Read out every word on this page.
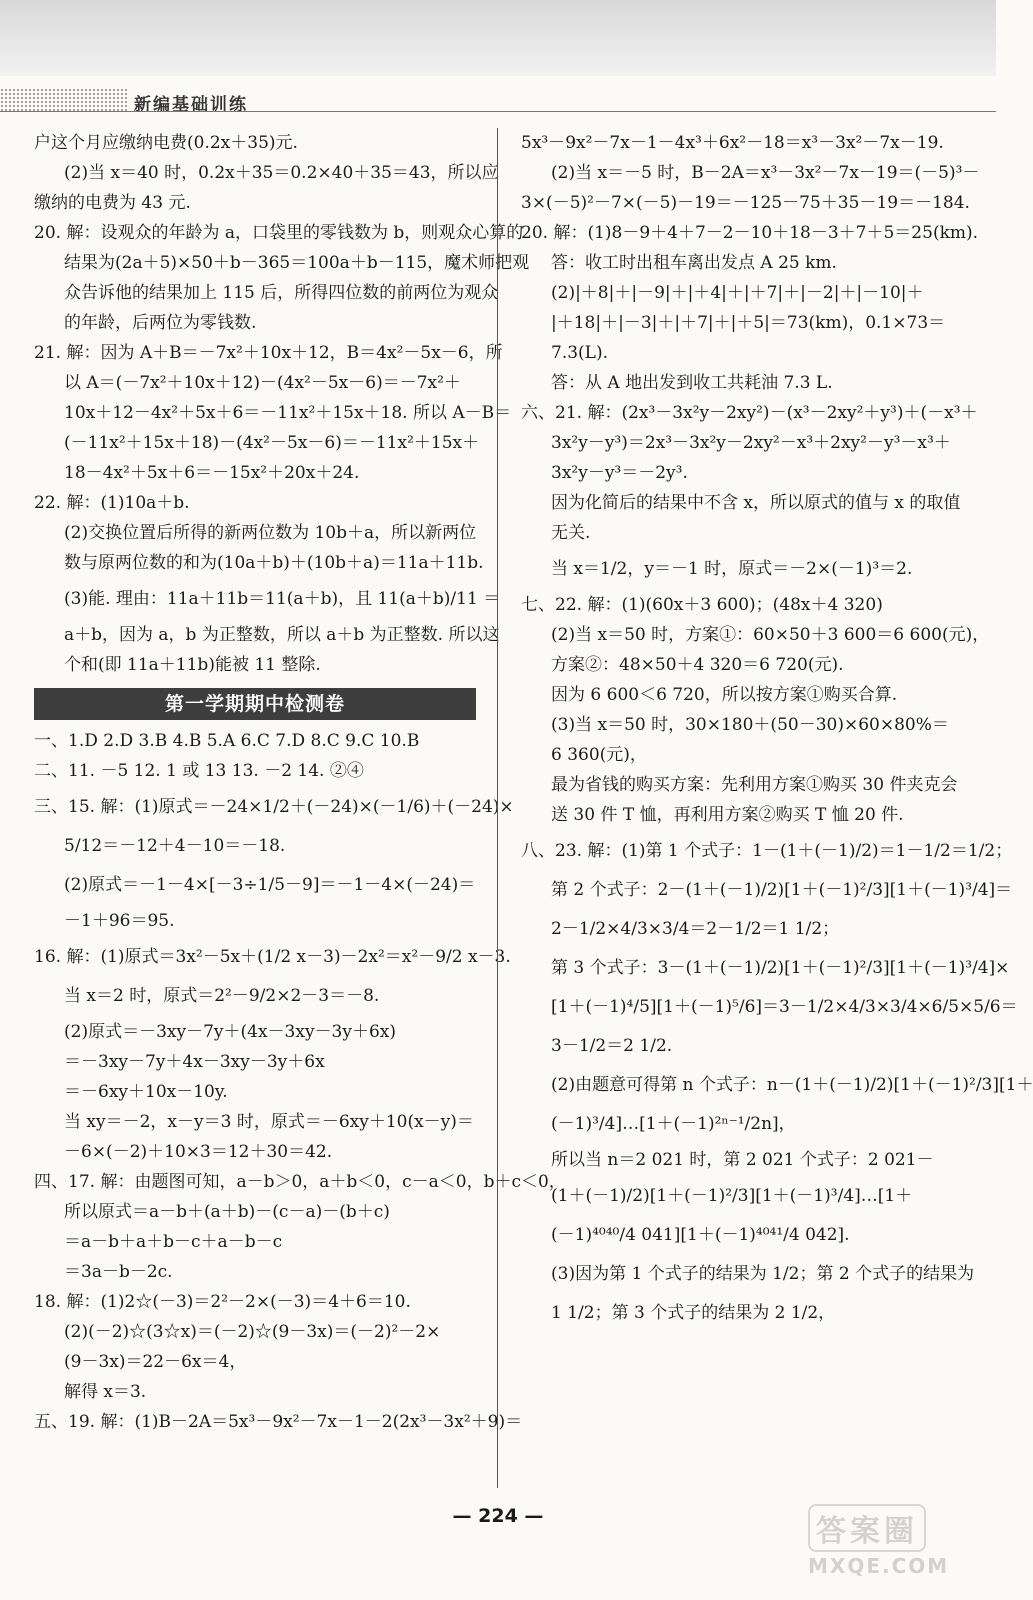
新编基础训练
户这个月应缴纳电费(0.2x＋35)元.
(2)当 x＝40 时，0.2x＋35＝0.2×40＋35＝43，所以应
缴纳的电费为 43 元.
20. 解：设观众的年龄为 a，口袋里的零钱数为 b，则观众心算的
结果为(2a＋5)×50＋b－365＝100a＋b－115，魔术师把观
众告诉他的结果加上 115 后，所得四位数的前两位为观众
的年龄，后两位为零钱数.
21. 解：因为 A＋B＝－7x²＋10x＋12，B＝4x²－5x－6，所
以 A＝(－7x²＋10x＋12)－(4x²－5x－6)＝－7x²＋
10x＋12－4x²＋5x＋6＝－11x²＋15x＋18. 所以 A－B＝
(－11x²＋15x＋18)－(4x²－5x－6)＝－11x²＋15x＋
18－4x²＋5x＋6＝－15x²＋20x＋24.
22. 解：(1)10a＋b.
(2)交换位置后所得的新两位数为 10b＋a，所以新两位
数与原两位数的和为(10a＋b)＋(10b＋a)＝11a＋11b.
(3)能. 理由：11a＋11b＝11(a＋b)，且 11(a＋b)/11 ＝
a＋b，因为 a，b 为正整数，所以 a＋b 为正整数. 所以这
个和(即 11a＋11b)能被 11 整除.
第一学期期中检测卷
一、1.D 2.D 3.B 4.B 5.A 6.C 7.D 8.C 9.C 10.B
二、11. －5 12. 1 或 13 13. －2 14. ②④
三、15. 解：(1)原式＝－24×1/2＋(－24)×(－1/6)＋(－24)×
5/12＝－12＋4－10＝－18.
(2)原式＝－1－4×[－3÷1/5－9]＝－1－4×(－24)＝
－1＋96＝95.
16. 解：(1)原式＝3x²－5x＋(1/2 x－3)－2x²＝x²－9/2 x－3.
当 x＝2 时，原式＝2²－9/2×2－3＝－8.
(2)原式＝－3xy－7y＋(4x－3xy－3y＋6x)
＝－3xy－7y＋4x－3xy－3y＋6x
＝－6xy＋10x－10y.
当 xy＝－2，x－y＝3 时，原式＝－6xy＋10(x－y)＝
－6×(－2)＋10×3＝12＋30＝42.
四、17. 解：由题图可知，a－b＞0，a＋b＜0，c－a＜0，b＋c＜0，
所以原式＝a－b＋(a＋b)－(c－a)－(b＋c)
＝a－b＋a＋b－c＋a－b－c
＝3a－b－2c.
18. 解：(1)2☆(－3)＝2²－2×(－3)＝4＋6＝10.
(2)(－2)☆(3☆x)＝(－2)☆(9－3x)＝(－2)²－2×
(9－3x)＝22－6x＝4，
解得 x＝3.
五、19. 解：(1)B－2A＝5x³－9x²－7x－1－2(2x³－3x²＋9)＝
5x³－9x²－7x－1－4x³＋6x²－18＝x³－3x²－7x－19.
(2)当 x＝－5 时，B－2A＝x³－3x²－7x－19＝(－5)³－
3×(－5)²－7×(－5)－19＝－125－75＋35－19＝－184.
20. 解：(1)8－9＋4＋7－2－10＋18－3＋7＋5＝25(km).
答：收工时出租车离出发点 A 25 km.
(2)|＋8|＋|－9|＋|＋4|＋|＋7|＋|－2|＋|－10|＋
|＋18|＋|－3|＋|＋7|＋|＋5|＝73(km)，0.1×73＝
7.3(L).
答：从 A 地出发到收工共耗油 7.3 L.
六、21. 解：(2x³－3x²y－2xy²)－(x³－2xy²＋y³)＋(－x³＋
3x²y－y³)＝2x³－3x²y－2xy²－x³＋2xy²－y³－x³＋
3x²y－y³＝－2y³.
因为化简后的结果中不含 x，所以原式的值与 x 的取值
无关.
当 x＝1/2，y＝－1 时，原式＝－2×(－1)³＝2.
七、22. 解：(1)(60x＋3 600)；(48x＋4 320)
(2)当 x＝50 时，方案①：60×50＋3 600＝6 600(元)，
方案②：48×50＋4 320＝6 720(元).
因为 6 600＜6 720，所以按方案①购买合算.
(3)当 x＝50 时，30×180＋(50－30)×60×80%＝
6 360(元)，
最为省钱的购买方案：先利用方案①购买 30 件夹克会
送 30 件 T 恤，再利用方案②购买 T 恤 20 件.
八、23. 解：(1)第 1 个式子：1－(1＋(－1)/2)＝1－1/2＝1/2；
第 2 个式子：2－(1＋(－1)/2)[1＋(－1)²/3][1＋(－1)³/4]＝
2－1/2×4/3×3/4＝2－1/2＝1 1/2；
第 3 个式子：3－(1＋(－1)/2)[1＋(－1)²/3][1＋(－1)³/4]×
[1＋(－1)⁴/5][1＋(－1)⁵/6]＝3－1/2×4/3×3/4×6/5×5/6＝
3－1/2＝2 1/2.
(2)由题意可得第 n 个式子：n－(1＋(－1)/2)[1＋(－1)²/3][1＋
(－1)³/4]…[1＋(－1)²ⁿ⁻¹/2n]，
所以当 n＝2 021 时，第 2 021 个式子：2 021－
(1＋(－1)/2)[1＋(－1)²/3][1＋(－1)³/4]…[1＋
(－1)⁴⁰⁴⁰/4 041][1＋(－1)⁴⁰⁴¹/4 042].
(3)因为第 1 个式子的结果为 1/2；第 2 个式子的结果为
1 1/2；第 3 个式子的结果为 2 1/2，
— 224 —	答案圈
MXQE.COM
